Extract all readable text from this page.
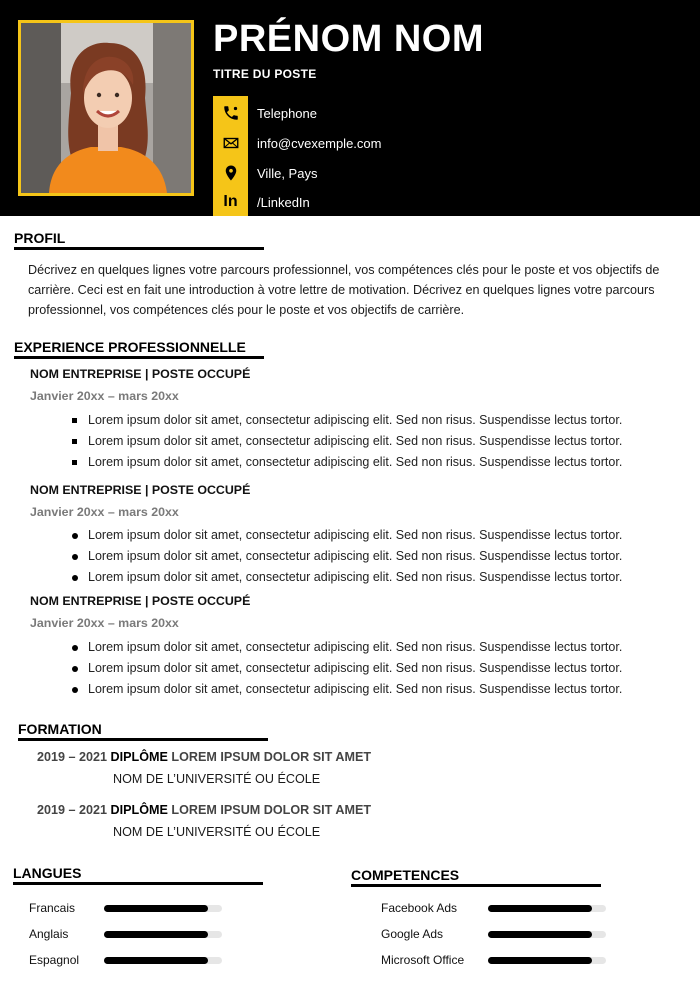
PRÉNOM NOM
TITRE DU POSTE
Telephone
info@cvexemple.com
Ville, Pays
In	/LinkedIn
PROFIL

Décrivez en quelques lignes votre parcours professionnel, vos compétences clés pour le poste et vos objectifs de carrière. Ceci est en fait une introduction à votre lettre de motivation. Décrivez en quelques lignes votre parcours professionnel, vos compétences clés pour le poste et vos objectifs de carrière.

EXPERIENCE PROFESSIONNELLE
NOM ENTREPRISE | POSTE OCCUPÉ
Janvier 20xx – mars 20xx
Lorem ipsum dolor sit amet, consectetur adipiscing elit. Sed non risus. Suspendisse lectus tortor.
Lorem ipsum dolor sit amet, consectetur adipiscing elit. Sed non risus. Suspendisse lectus tortor.
Lorem ipsum dolor sit amet, consectetur adipiscing elit. Sed non risus. Suspendisse lectus tortor.
NOM ENTREPRISE | POSTE OCCUPÉ
Janvier 20xx – mars 20xx
Lorem ipsum dolor sit amet, consectetur adipiscing elit. Sed non risus. Suspendisse lectus tortor.
Lorem ipsum dolor sit amet, consectetur adipiscing elit. Sed non risus. Suspendisse lectus tortor.
Lorem ipsum dolor sit amet, consectetur adipiscing elit. Sed non risus. Suspendisse lectus tortor.
NOM ENTREPRISE | POSTE OCCUPÉ
Janvier 20xx – mars 20xx
Lorem ipsum dolor sit amet, consectetur adipiscing elit. Sed non risus. Suspendisse lectus tortor.
Lorem ipsum dolor sit amet, consectetur adipiscing elit. Sed non risus. Suspendisse lectus tortor.
Lorem ipsum dolor sit amet, consectetur adipiscing elit. Sed non risus. Suspendisse lectus tortor.
FORMATION
2019 – 2021 DIPLÔME LOREM IPSUM DOLOR SIT AMET
NOM DE L’UNIVERSITÉ OU ÉCOLE
2019 – 2021 DIPLÔME LOREM IPSUM DOLOR SIT AMET
NOM DE L’UNIVERSITÉ OU ÉCOLE
LANGUES
Francais
Anglais
Espagnol
COMPETENCES
Facebook Ads
Google Ads
Microsoft Office
